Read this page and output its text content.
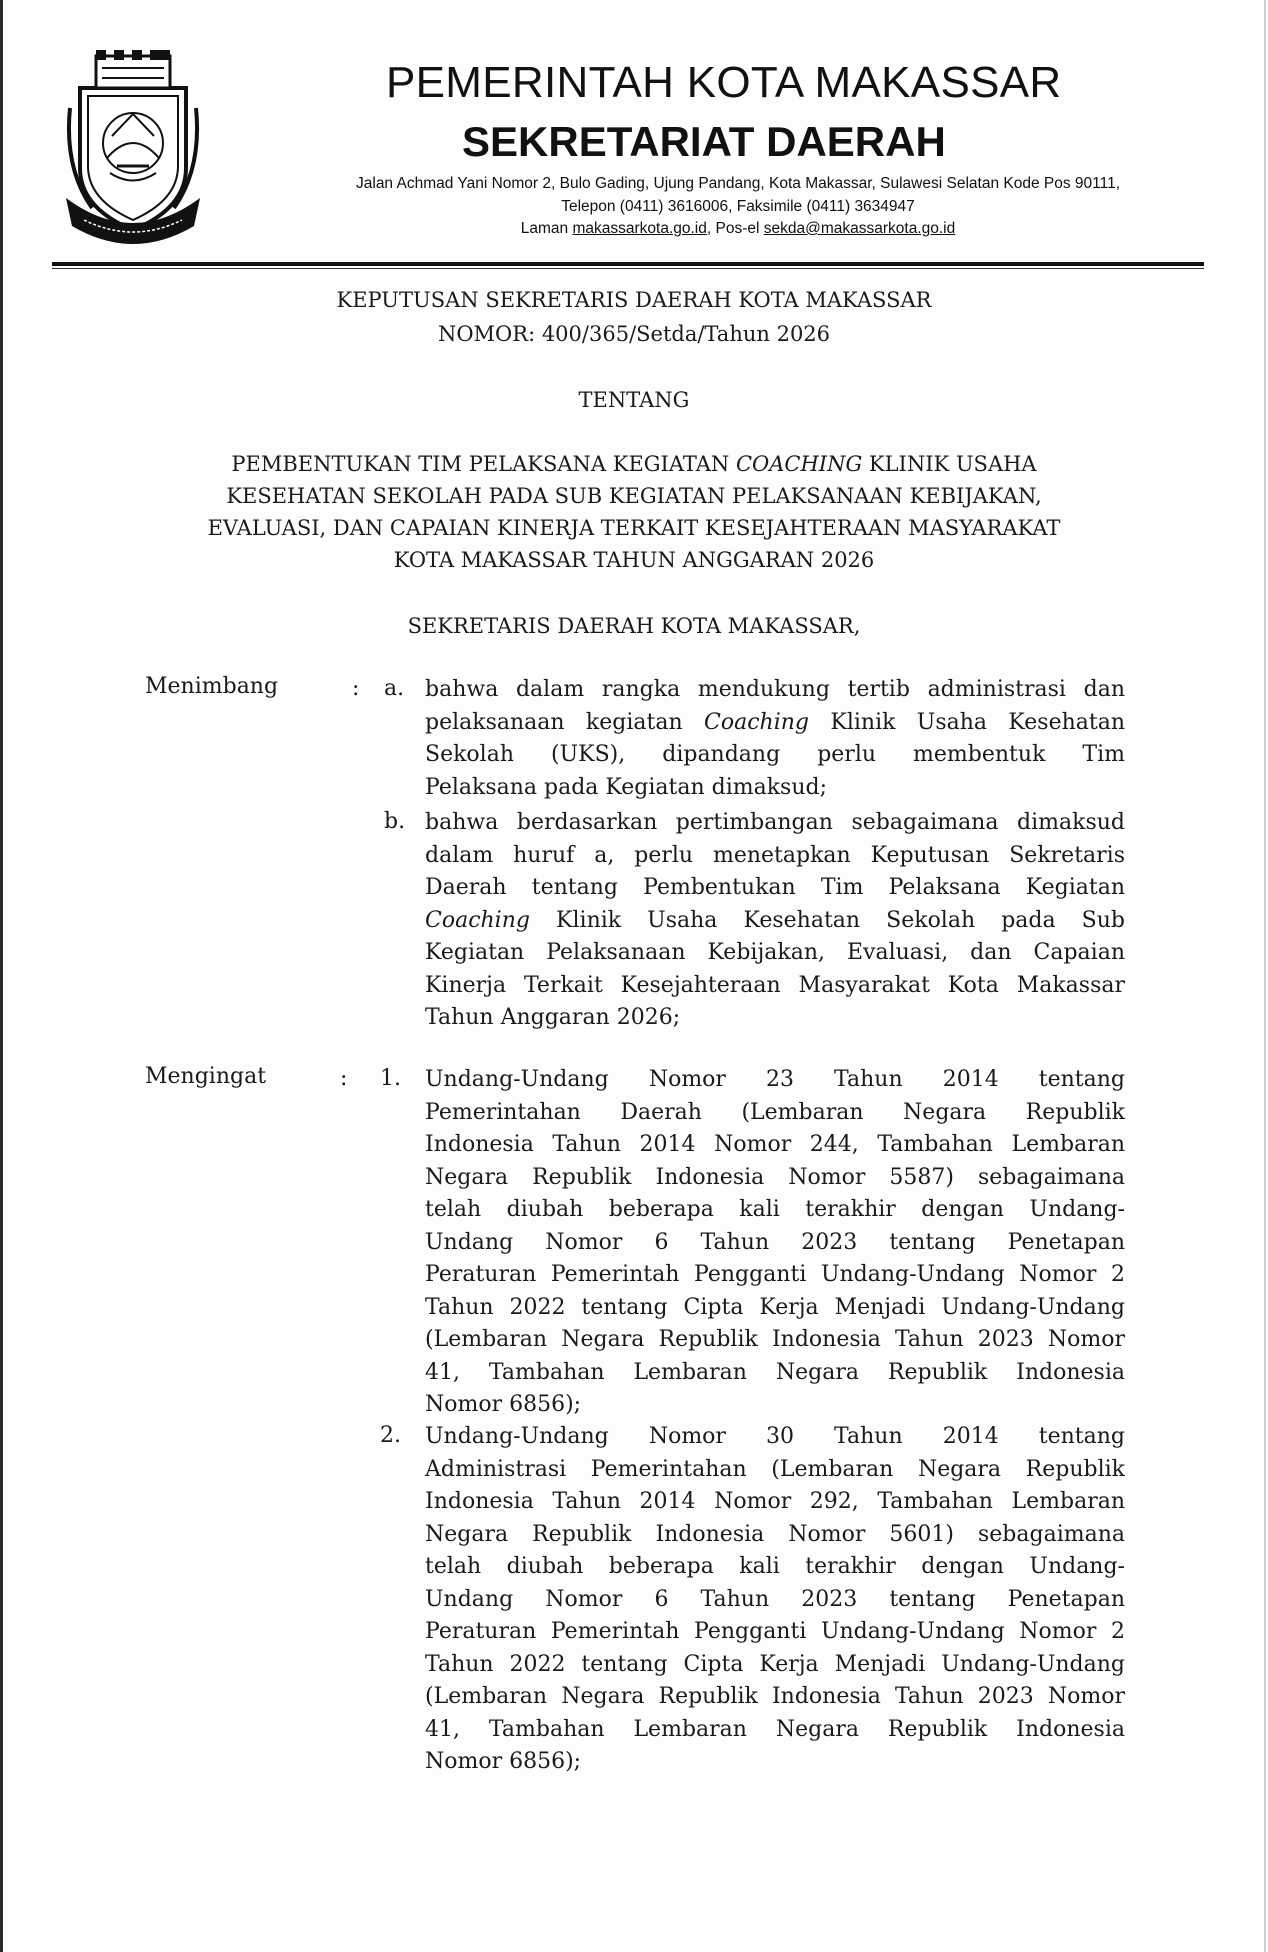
PEMERINTAH KOTA MAKASSAR
SEKRETARIAT DAERAH
Jalan Achmad Yani Nomor 2, Bulo Gading, Ujung Pandang, Kota Makassar, Sulawesi Selatan Kode Pos 90111,
Telepon (0411) 3616006, Faksimile (0411) 3634947
Laman makassarkota.go.id, Pos-el sekda@makassarkota.go.id
KEPUTUSAN SEKRETARIS DAERAH KOTA MAKASSAR
NOMOR: 400/365/Setda/Tahun 2026
TENTANG
PEMBENTUKAN TIM PELAKSANA KEGIATAN COACHING KLINIK USAHA
KESEHATAN SEKOLAH PADA SUB KEGIATAN PELAKSANAAN KEBIJAKAN,
EVALUASI, DAN CAPAIAN KINERJA TERKAIT KESEJAHTERAAN MASYARAKAT
KOTA MAKASSAR TAHUN ANGGARAN 2026
SEKRETARIS DAERAH KOTA MAKASSAR,
Menimbang	: a. bahwa dalam rangka mendukung tertib administrasi dan
pelaksanaan kegiatan Coaching Klinik Usaha Kesehatan
Sekolah (UKS), dipandang perlu membentuk Tim
Pelaksana pada Kegiatan dimaksud;
b. bahwa berdasarkan pertimbangan sebagaimana dimaksud
dalam huruf a, perlu menetapkan Keputusan Sekretaris
Daerah tentang Pembentukan Tim Pelaksana Kegiatan
Coaching Klinik Usaha Kesehatan Sekolah pada Sub
Kegiatan Pelaksanaan Kebijakan, Evaluasi, dan Capaian
Kinerja Terkait Kesejahteraan Masyarakat Kota Makassar
Tahun Anggaran 2026;
Mengingat	: 1. Undang-Undang Nomor 23 Tahun 2014 tentang
Pemerintahan Daerah (Lembaran Negara Republik
Indonesia Tahun 2014 Nomor 244, Tambahan Lembaran
Negara Republik Indonesia Nomor 5587) sebagaimana
telah diubah beberapa kali terakhir dengan Undang-
Undang Nomor 6 Tahun 2023 tentang Penetapan
Peraturan Pemerintah Pengganti Undang-Undang Nomor 2
Tahun 2022 tentang Cipta Kerja Menjadi Undang-Undang
(Lembaran Negara Republik Indonesia Tahun 2023 Nomor
41, Tambahan Lembaran Negara Republik Indonesia
Nomor 6856);
2. Undang-Undang Nomor 30 Tahun 2014 tentang
Administrasi Pemerintahan (Lembaran Negara Republik
Indonesia Tahun 2014 Nomor 292, Tambahan Lembaran
Negara Republik Indonesia Nomor 5601) sebagaimana
telah diubah beberapa kali terakhir dengan Undang-
Undang Nomor 6 Tahun 2023 tentang Penetapan
Peraturan Pemerintah Pengganti Undang-Undang Nomor 2
Tahun 2022 tentang Cipta Kerja Menjadi Undang-Undang
(Lembaran Negara Republik Indonesia Tahun 2023 Nomor
41, Tambahan Lembaran Negara Republik Indonesia
Nomor 6856);
